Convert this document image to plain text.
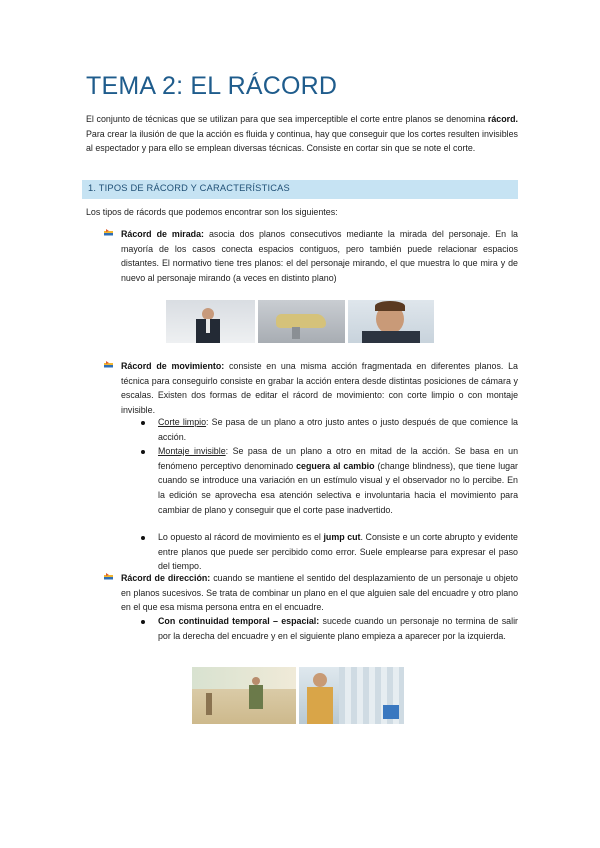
TEMA 2: EL RÁCORD

El conjunto de técnicas que se utilizan para que sea imperceptible el corte entre planos se denomina rácord. Para crear la ilusión de que la acción es fluida y continua, hay que conseguir que los cortes resulten invisibles al espectador y para ello se emplean diversas técnicas. Consiste en cortar sin que se note el corte.

1. TIPOS DE RÁCORD Y CARACTERÍSTICAS

Los tipos de rácords que podemos encontrar son los siguientes:

Rácord de mirada: asocia dos planos consecutivos mediante la mirada del personaje. En la mayoría de los casos conecta espacios contiguos, pero también puede relacionar espacios distantes. El normativo tiene tres planos: el del personaje mirando, el que muestra lo que mira y de nuevo al personaje mirando (a veces en distinto plano)

Rácord de movimiento: consiste en una misma acción fragmentada en diferentes planos. La técnica para conseguirlo consiste en grabar la acción entera desde distintas posiciones de cámara y escalas. Existen dos formas de editar el rácord de movimiento: con corte limpio o con montaje invisible.

Corte limpio: Se pasa de un plano a otro justo antes o justo después de que comience la acción.

Montaje invisible: Se pasa de un plano a otro en mitad de la acción. Se basa en un fenómeno perceptivo denominado ceguera al cambio (change blindness), que tiene lugar cuando se introduce una variación en un estímulo visual y el observador no lo percibe. En la edición se aprovecha esa atención selectiva e involuntaria hacia el movimiento para cambiar de plano y conseguir que el corte pase inadvertido.

Lo opuesto al rácord de movimiento es el jump cut. Consiste e un corte abrupto y evidente entre planos que puede ser percibido como error. Suele emplearse para expresar el paso del tiempo.

Rácord de dirección: cuando se mantiene el sentido del desplazamiento de un personaje u objeto en planos sucesivos. Se trata de combinar un plano en el que alguien sale del encuadre y otro plano en el que esa misma persona entra en el encuadre.

Con continuidad temporal – espacial: sucede cuando un personaje no termina de salir por la derecha del encuadre y en el siguiente plano empieza a aparecer por la izquierda.
